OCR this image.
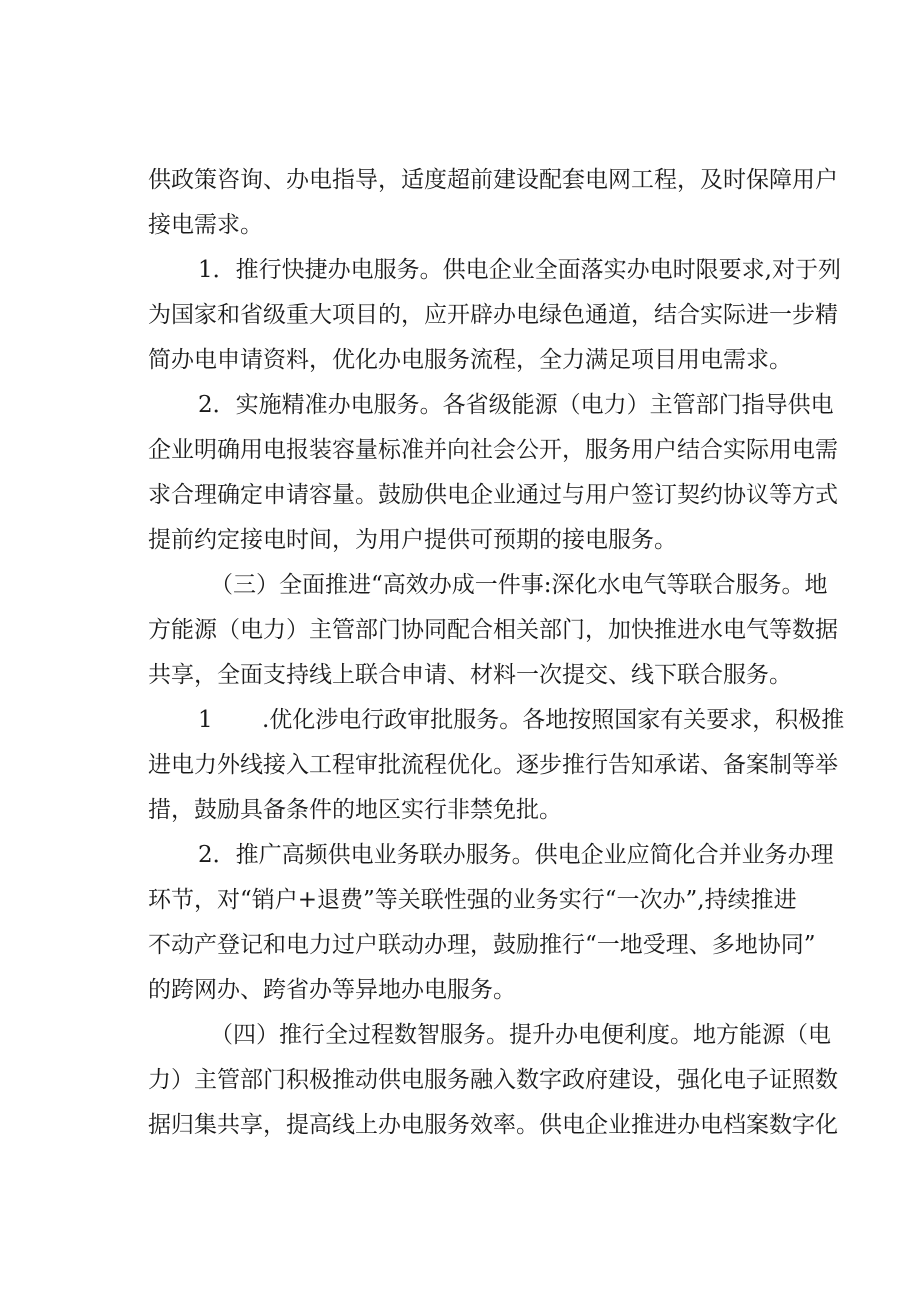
供政策咨询、办电指导，适度超前建设配套电网工程，及时保障用户
接电需求。
1．推行快捷办电服务。供电企业全面落实办电时限要求,对于列
为国家和省级重大项目的，应开辟办电绿色通道，结合实际进一步精
简办电申请资料，优化办电服务流程，全力满足项目用电需求。
2．实施精准办电服务。各省级能源（电力）主管部门指导供电
企业明确用电报装容量标准并向社会公开，服务用户结合实际用电需
求合理确定申请容量。鼓励供电企业通过与用户签订契约协议等方式
提前约定接电时间，为用户提供可预期的接电服务。
（三）全面推进“高效办成一件事:深化水电气等联合服务。地
方能源（电力）主管部门协同配合相关部门，加快推进水电气等数据
共享，全面支持线上联合申请、材料一次提交、线下联合服务。
1 .优化涉电行政审批服务。各地按照国家有关要求，积极推
进电力外线接入工程审批流程优化。逐步推行告知承诺、备案制等举
措，鼓励具备条件的地区实行非禁免批。
2．推广高频供电业务联办服务。供电企业应简化合并业务办理
环节，对“销户+退费”等关联性强的业务实行“一次办”,持续推进
不动产登记和电力过户联动办理，鼓励推行“一地受理、多地协同”
的跨网办、跨省办等异地办电服务。
（四）推行全过程数智服务。提升办电便利度。地方能源（电
力）主管部门积极推动供电服务融入数字政府建设，强化电子证照数
据归集共享，提高线上办电服务效率。供电企业推进办电档案数字化
